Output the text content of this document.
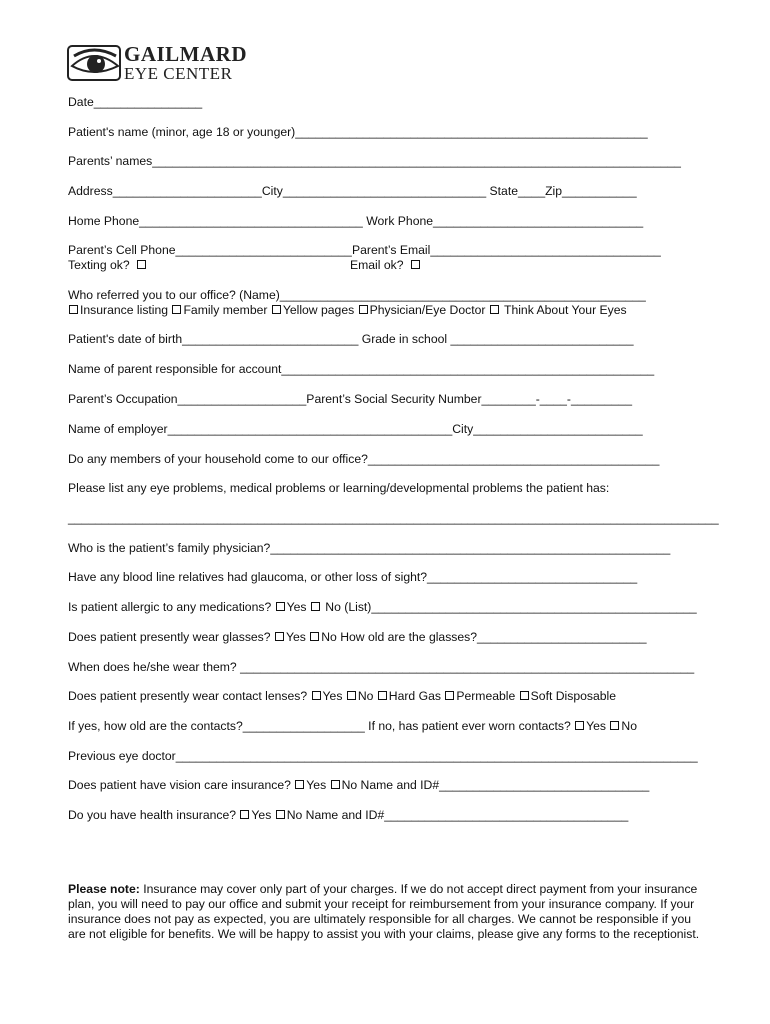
GAILMARD
EYE CENTER
Date________________
Patient's name (minor, age 18 or younger)____________________________________________________
Parents’ names______________________________________________________________________________
Address______________________City______________________________ State____Zip___________
Home Phone_________________________________ Work Phone_______________________________
Parent’s Cell Phone__________________________ Parent’s Email__________________________________
Texting ok?	Email ok?
Who referred you to our office? (Name)______________________________________________________
Insurance listing Family member Yellow pages Physician/Eye Doctor  Think About Your Eyes
Patient's date of birth__________________________ Grade in school ___________________________
Name of parent responsible for account_______________________________________________________
Parent’s Occupation___________________Parent’s Social Security Number________-____-_________
Name of employer__________________________________________City_________________________
Do any members of your household come to our office?___________________________________________
Please list any eye problems, medical problems or learning/developmental problems the patient has:
________________________________________________________________________________________________
Who is the patient’s family physician?___________________________________________________________
Have any blood line relatives had glaucoma, or other loss of sight?_______________________________
Is patient allergic to any medications? Yes  No (List)________________________________________________
Does patient presently wear glasses? Yes No How old are the glasses?_________________________
When does he/she wear them? ___________________________________________________________________
Does patient presently wear contact lenses? Yes No Hard Gas Permeable Soft Disposable
If yes, how old are the contacts?__________________ If no, has patient ever worn contacts? Yes No
Previous eye doctor_____________________________________________________________________________
Does patient have vision care insurance? Yes No Name and ID#_______________________________
Do you have health insurance? Yes No Name and ID#____________________________________
Please note: Insurance may cover only part of your charges. If we do not accept direct payment from your insurance plan, you will need to pay our office and submit your receipt for reimbursement from your insurance company. If your insurance does not pay as expected, you are ultimately responsible for all charges. We cannot be responsible if you are not eligible for benefits. We will be happy to assist you with your claims, please give any forms to the receptionist.
